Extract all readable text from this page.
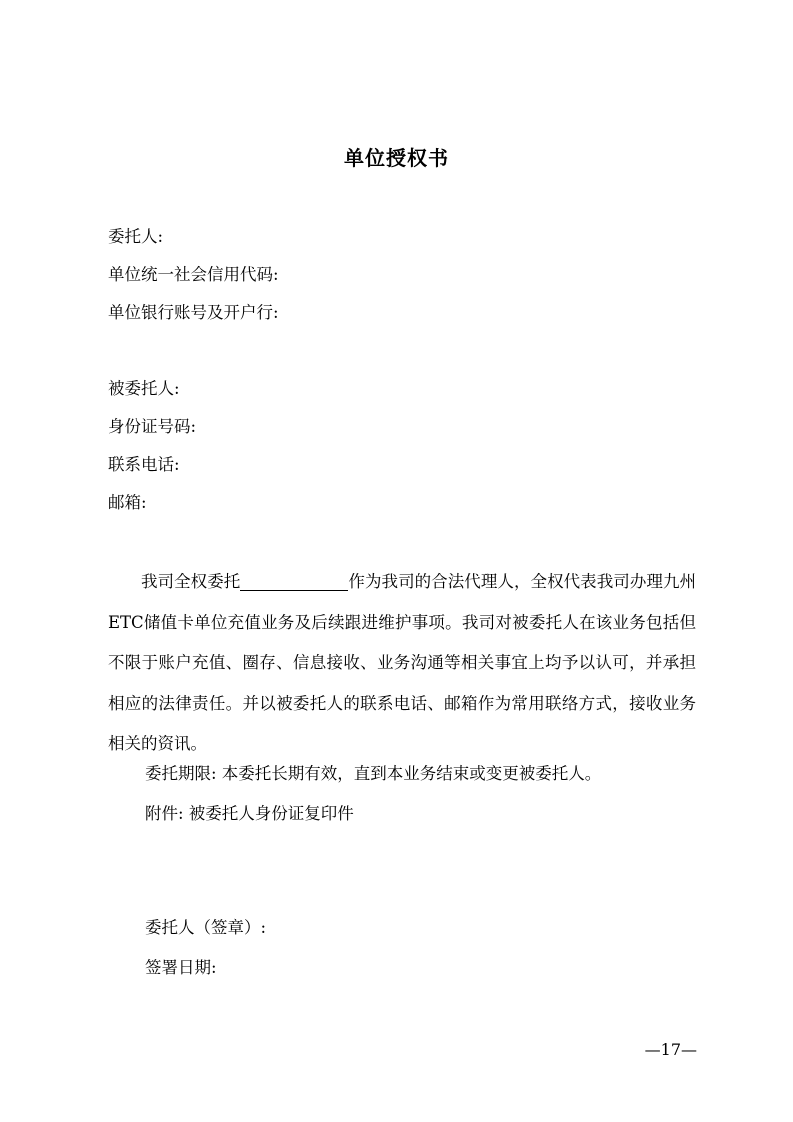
单位授权书
委托人:
单位统一社会信用代码:
单位银行账号及开户行:
被委托人:
身份证号码:
联系电话:
邮箱:

我司全权委托	作为我司的合法代理人，全权代表我司办理九州ETC储值卡单位充值业务及后续跟进维护事项。我司对被委托人在该业务包括但不限于账户充值、圈存、信息接收、业务沟通等相关事宜上均予以认可，并承担相应的法律责任。并以被委托人的联系电话、邮箱作为常用联络方式，接收业务相关的资讯。

委托期限: 本委托长期有效，直到本业务结束或变更被委托人。
附件: 被委托人身份证复印件
委托人（签章）:
签署日期:
—17—
